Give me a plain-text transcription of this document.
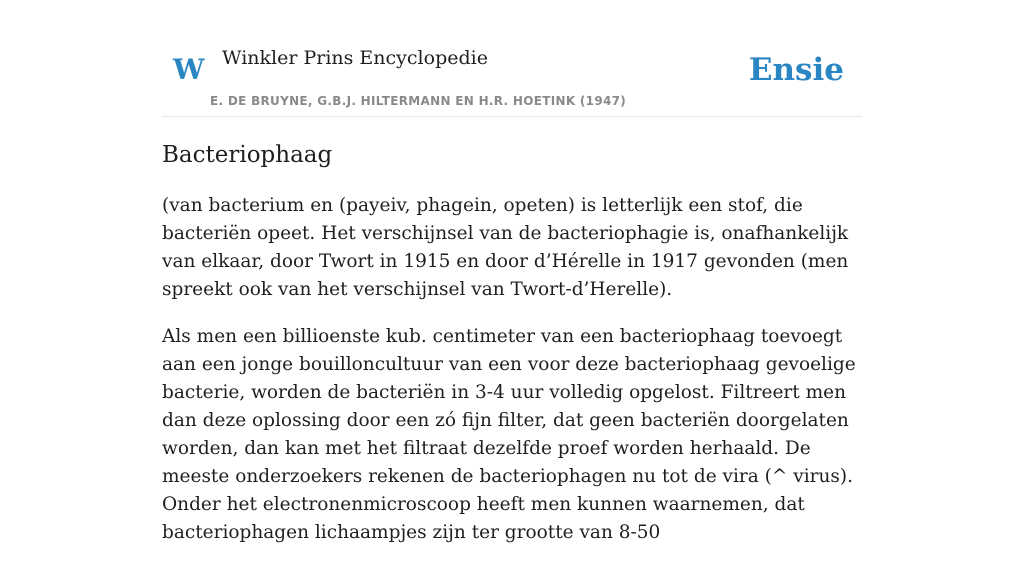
W Winkler Prins Encyclopedie
E. DE BRUYNE, G.B.J. HILTERMANN EN H.R. HOETINK (1947)
Ensie
Bacteriophaag

(van bacterium en (payeiv, phagein, opeten) is letterlijk een stof, die bacteriën opeet. Het verschijnsel van de bacteriophagie is, onafhankelijk van elkaar, door Twort in 1915 en door d’Hérelle in 1917 gevonden (men spreekt ook van het verschijnsel van Twort-d’Herelle).

Als men een billioenste kub. centimeter van een bacteriophaag toevoegt aan een jonge bouilloncultuur van een voor deze bacteriophaag gevoelige bacterie, worden de bacteriën in 3-4 uur volledig opgelost. Filtreert men dan deze oplossing door een zó fijn filter, dat geen bacteriën doorgelaten worden, dan kan met het filtraat dezelfde proef worden herhaald. De meeste onderzoekers rekenen de bacteriophagen nu tot de vira (^ virus). Onder het electronenmicroscoop heeft men kunnen waarnemen, dat bacteriophagen lichaampjes zijn ter grootte van 8-50
